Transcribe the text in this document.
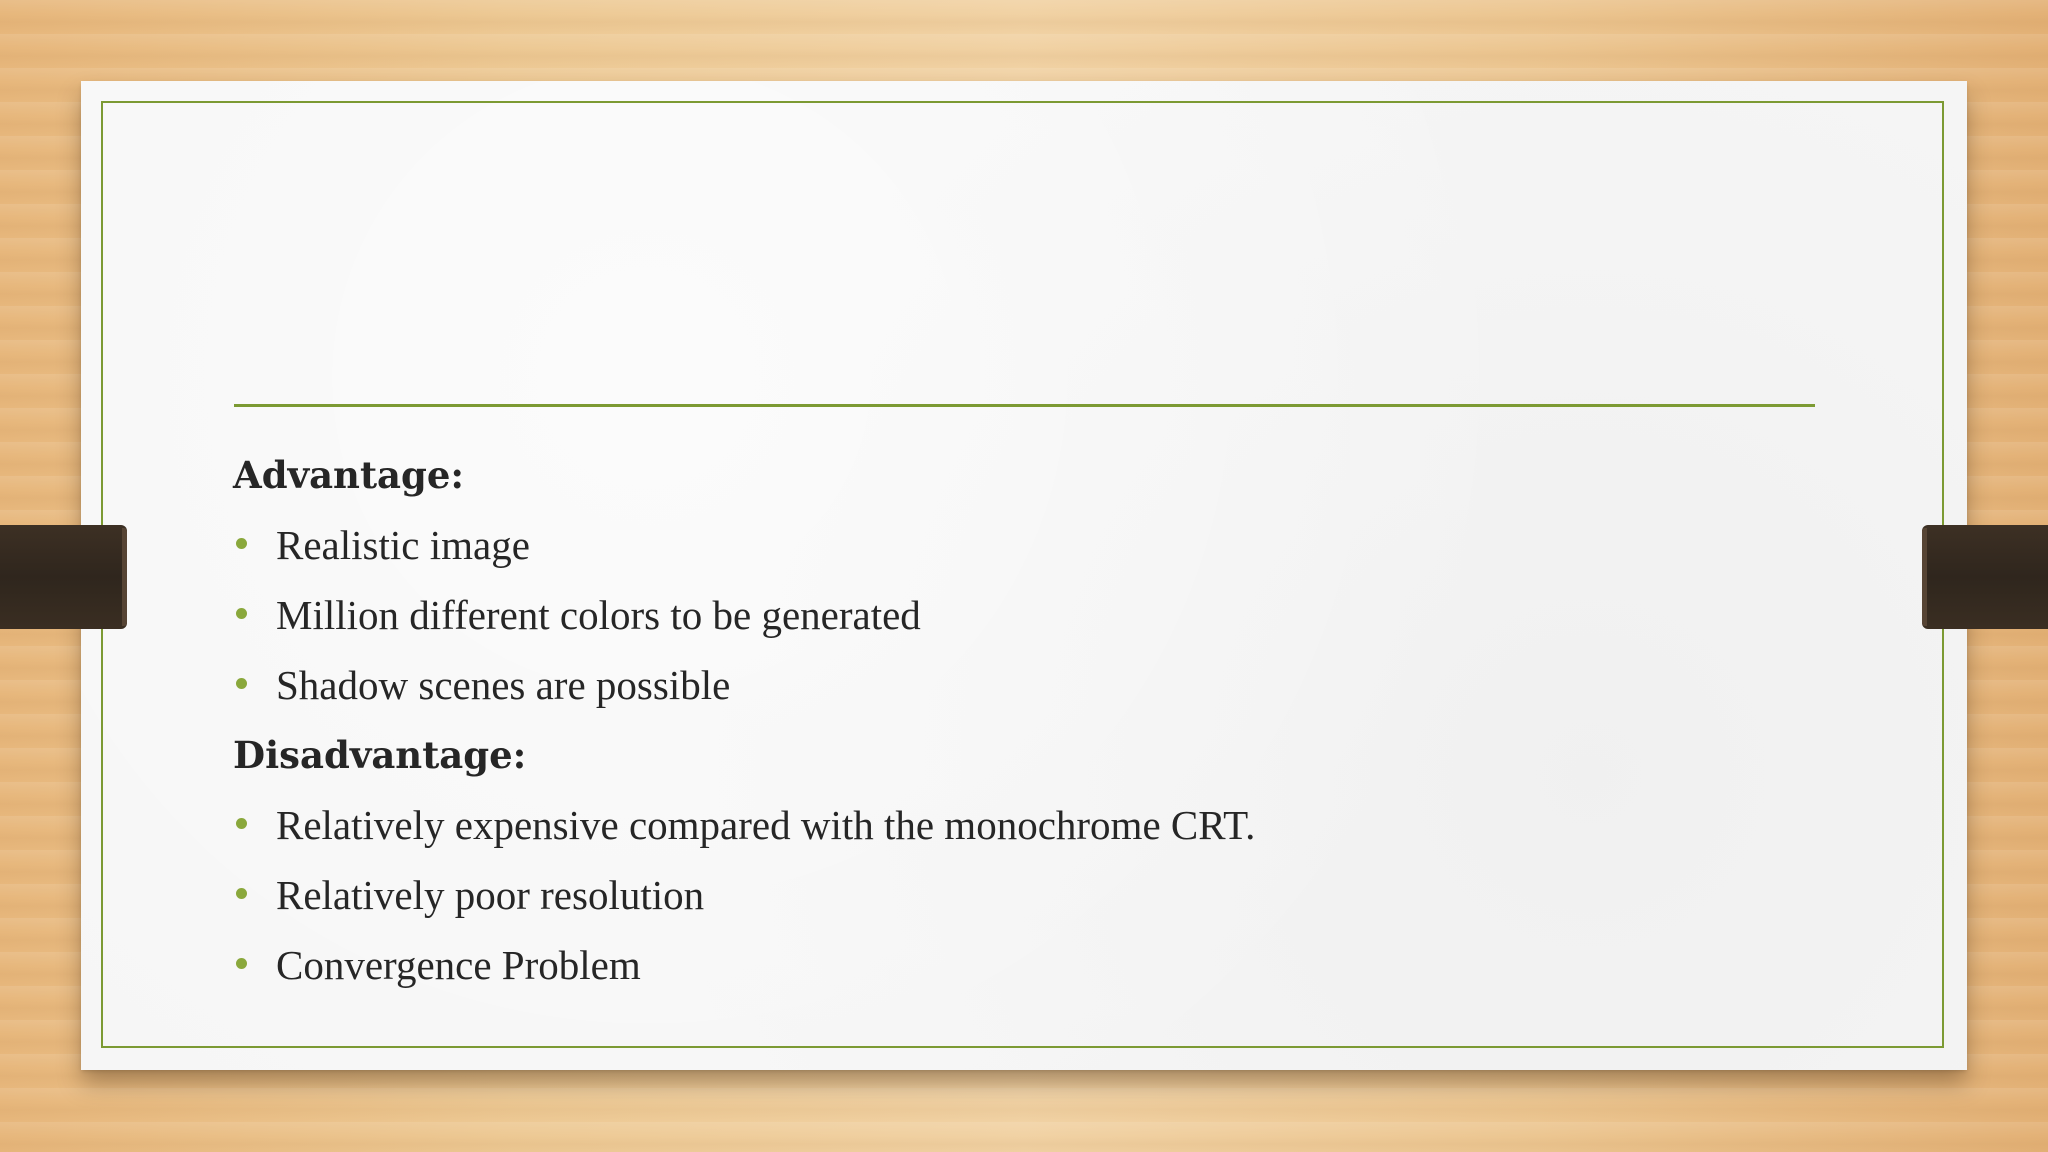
Advantage:
Realistic image
Million different colors to be generated
Shadow scenes are possible
Disadvantage:
Relatively expensive compared with the monochrome CRT.
Relatively poor resolution
Convergence Problem
